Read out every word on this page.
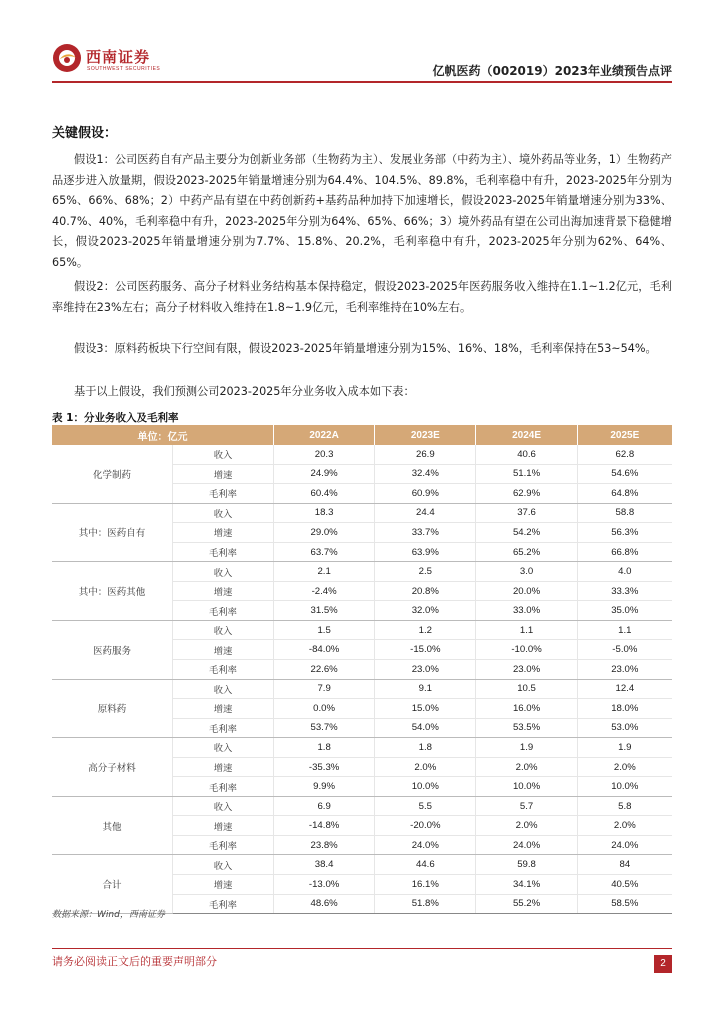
西南证券
SOUTHWEST SECURITIES	亿帆医药（002019）2023年业绩预告点评
关键假设：

假设1：公司医药自有产品主要分为创新业务部（生物药为主）、发展业务部（中药为主）、境外药品等业务，1）生物药产品逐步进入放量期，假设2023-2025年销量增速分别为64.4%、104.5%、89.8%，毛利率稳中有升，2023-2025年分别为65%、66%、68%；2）中药产品有望在中药创新药+基药品种加持下加速增长，假设2023-2025年销量增速分别为33%、40.7%、40%，毛利率稳中有升，2023-2025年分别为64%、65%、66%；3）境外药品有望在公司出海加速背景下稳健增长，假设2023-2025年销量增速分别为7.7%、15.8%、20.2%，毛利率稳中有升，2023-2025年分别为62%、64%、65%。

假设2：公司医药服务、高分子材料业务结构基本保持稳定，假设2023-2025年医药服务收入维持在1.1~1.2亿元，毛利率维持在23%左右；高分子材料收入维持在1.8~1.9亿元，毛利率维持在10%左右。

假设3：原料药板块下行空间有限，假设2023-2025年销量增速分别为15%、16%、18%，毛利率保持在53~54%。

基于以上假设，我们预测公司2023-2025年分业务收入成本如下表：

表 1：分业务收入及毛利率
单位：亿元		2022A	2023E	2024E	2025E
化学制药	收入	20.3	26.9	40.6	62.8
	增速	24.9%	32.4%	51.1%	54.6%
	毛利率	60.4%	60.9%	62.9%	64.8%
其中：医药自有	收入	18.3	24.4	37.6	58.8
	增速	29.0%	33.7%	54.2%	56.3%
	毛利率	63.7%	63.9%	65.2%	66.8%
其中：医药其他	收入	2.1	2.5	3.0	4.0
	增速	-2.4%	20.8%	20.0%	33.3%
	毛利率	31.5%	32.0%	33.0%	35.0%
医药服务	收入	1.5	1.2	1.1	1.1
	增速	-84.0%	-15.0%	-10.0%	-5.0%
	毛利率	22.6%	23.0%	23.0%	23.0%
原料药	收入	7.9	9.1	10.5	12.4
	增速	0.0%	15.0%	16.0%	18.0%
	毛利率	53.7%	54.0%	53.5%	53.0%
高分子材料	收入	1.8	1.8	1.9	1.9
	增速	-35.3%	2.0%	2.0%	2.0%
	毛利率	9.9%	10.0%	10.0%	10.0%
其他	收入	6.9	5.5	5.7	5.8
	增速	-14.8%	-20.0%	2.0%	2.0%
	毛利率	23.8%	24.0%	24.0%	24.0%
合计	收入	38.4	44.6	59.8	84
	增速	-13.0%	16.1%	34.1%	40.5%
	毛利率	48.6%	51.8%	55.2%	58.5%
数据来源：Wind，西南证券
请务必阅读正文后的重要声明部分	2
